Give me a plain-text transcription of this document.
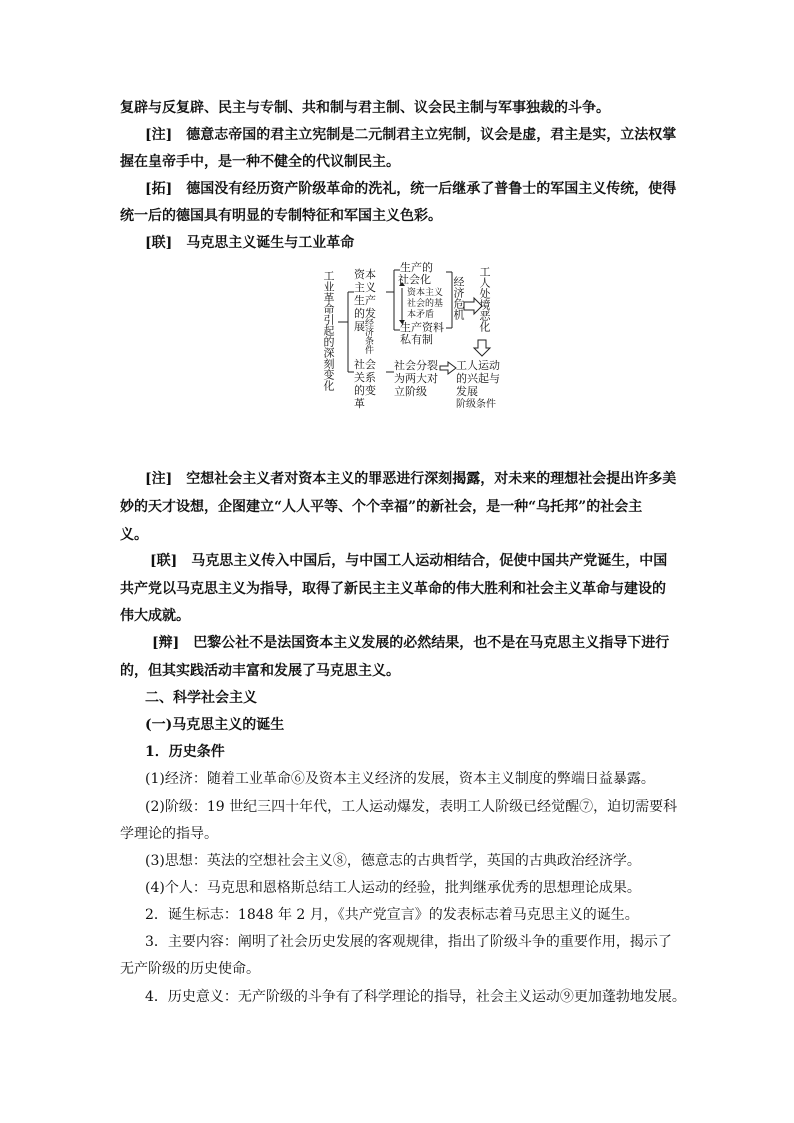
复辟与反复辟、民主与专制、共和制与君主制、议会民主制与军事独裁的斗争。
[注]　德意志帝国的君主立宪制是二元制君主立宪制，议会是虚，君主是实，立法权掌
握在皇帝手中，是一种不健全的代议制民主。
[拓]　德国没有经历资产阶级革命的洗礼，统一后继承了普鲁士的军国主义传统，使得
统一后的德国具有明显的专制特征和军国主义色彩。
[联]　马克思主义诞生与工业革命
工业革命引起的深刻变化 资本主义生产的发展
经济条件
社会关系的变革
生产的
社会化
资本主义
社会的基
本矛盾
生产资料
私有制
经济危机 工人处境恶化
社会分裂
为两大对
立阶级
工人运动
的兴起与
发展
阶级条件
[注]　空想社会主义者对资本主义的罪恶进行深刻揭露，对未来的理想社会提出许多美
妙的天才设想，企图建立“人人平等、个个幸福”的新社会，是一种“乌托邦”的社会主
义。
[联]　马克思主义传入中国后，与中国工人运动相结合，促使中国共产党诞生，中国
共产党以马克思主义为指导，取得了新民主主义革命的伟大胜利和社会主义革命与建设的
伟大成就。
[辩]　巴黎公社不是法国资本主义发展的必然结果，也不是在马克思主义指导下进行
的，但其实践活动丰富和发展了马克思主义。
二、科学社会主义
(一)马克思主义的诞生
1．历史条件
(1)经济：随着工业革命⑥及资本主义经济的发展，资本主义制度的弊端日益暴露。
(2)阶级：19 世纪三四十年代，工人运动爆发，表明工人阶级已经觉醒⑦，迫切需要科
学理论的指导。
(3)思想：英法的空想社会主义⑧，德意志的古典哲学，英国的古典政治经济学。
(4)个人：马克思和恩格斯总结工人运动的经验，批判继承优秀的思想理论成果。
2．诞生标志：1848 年 2 月，《共产党宣言》的发表标志着马克思主义的诞生。
3．主要内容：阐明了社会历史发展的客观规律，指出了阶级斗争的重要作用，揭示了
无产阶级的历史使命。
4．历史意义：无产阶级的斗争有了科学理论的指导，社会主义运动⑨更加蓬勃地发展。
